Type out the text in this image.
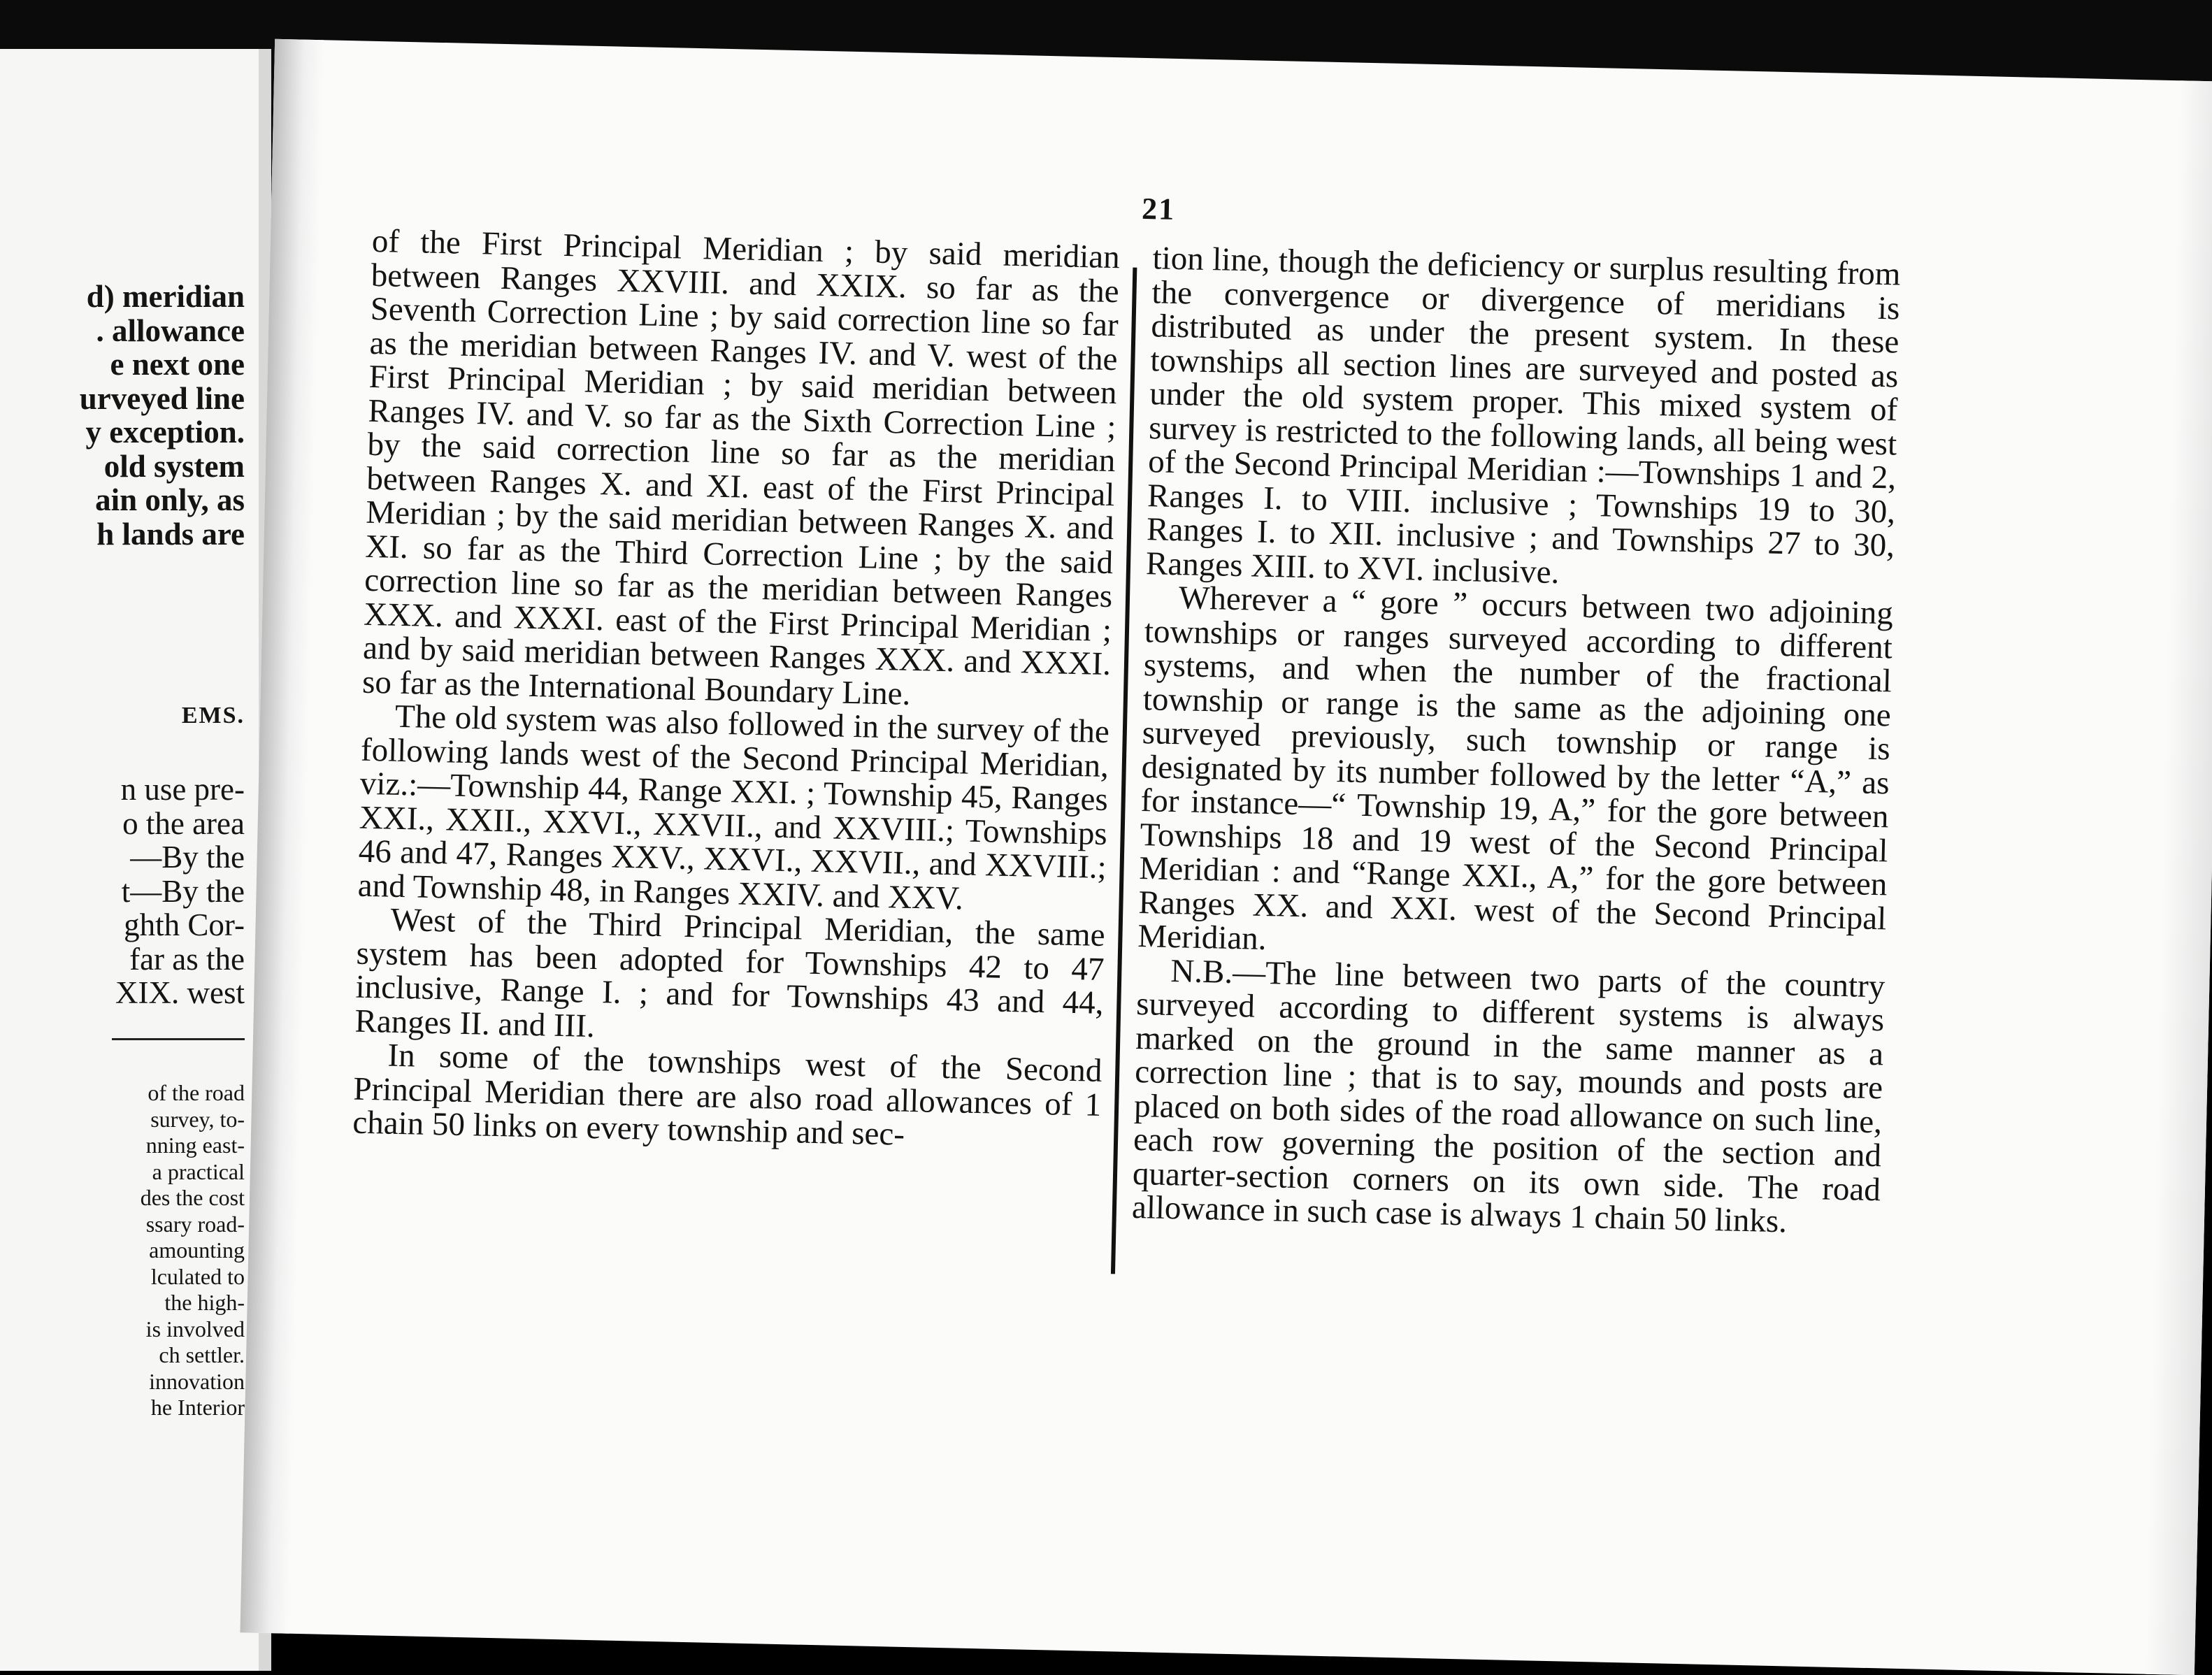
d) meridian
. allowance
e next one
urveyed line
y exception.
old system
ain only, as
h lands are
EMS.
n use pre-
o the area
—By the
t—By the
ghth Cor-
far as the
XIX. west
of the road
survey, to-
nning east-
a practical
des the cost
ssary road-
amounting
lculated to
the high-
is involved
ch settler.
innovation
he Interior
21

of the First Principal Meridian ; by said meridian between Ranges XXVIII. and XXIX. so far as the Seventh Correction Line ; by said correction line so far as the meridian between Ranges IV. and V. west of the First Principal Meridian ; by said meridian between Ranges IV. and V. so far as the Sixth Correction Line ; by the said correction line so far as the meridian between Ranges X. and XI. east of the First Principal Meridian ; by the said meridian between Ranges X. and XI. so far as the Third Correction Line ; by the said correction line so far as the meridian between Ranges XXX. and XXXI. east of the First Principal Meridian ; and by said meridian between Ranges XXX. and XXXI. so far as the International Boundary Line.

The old system was also followed in the survey of the following lands west of the Second Principal Meridian, viz.:—Township 44, Range XXI. ; Township 45, Ranges XXI., XXII., XXVI., XXVII., and XXVIII.; Townships 46 and 47, Ranges XXV., XXVI., XXVII., and XXVIII.; and Township 48, in Ranges XXIV. and XXV.

West of the Third Principal Meridian, the same system has been adopted for Townships 42 to 47 inclusive, Range I. ; and for Townships 43 and 44, Ranges II. and III.

In some of the townships west of the Second Principal Meridian there are also road allowances of 1 chain 50 links on every township and sec-

tion line, though the deficiency or surplus resulting from the convergence or divergence of meridians is distributed as under the present system. In these townships all section lines are surveyed and posted as under the old system proper. This mixed system of survey is restricted to the following lands, all being west of the Second Principal Meridian :—Townships 1 and 2, Ranges I. to VIII. inclusive ; Townships 19 to 30, Ranges I. to XII. inclusive ; and Townships 27 to 30, Ranges XIII. to XVI. inclusive.

Wherever a “ gore ” occurs between two adjoining townships or ranges surveyed according to different systems, and when the number of the fractional township or range is the same as the adjoining one surveyed previously, such township or range is designated by its number followed by the letter “A,” as for instance—“ Township 19, A,” for the gore between Townships 18 and 19 west of the Second Principal Meridian : and “Range XXI., A,” for the gore between Ranges XX. and XXI. west of the Second Principal Meridian.

N.B.—The line between two parts of the country surveyed according to different systems is always marked on the ground in the same manner as a correction line ; that is to say, mounds and posts are placed on both sides of the road allowance on such line, each row governing the position of the section and quarter-section corners on its own side. The road allowance in such case is always 1 chain 50 links.
